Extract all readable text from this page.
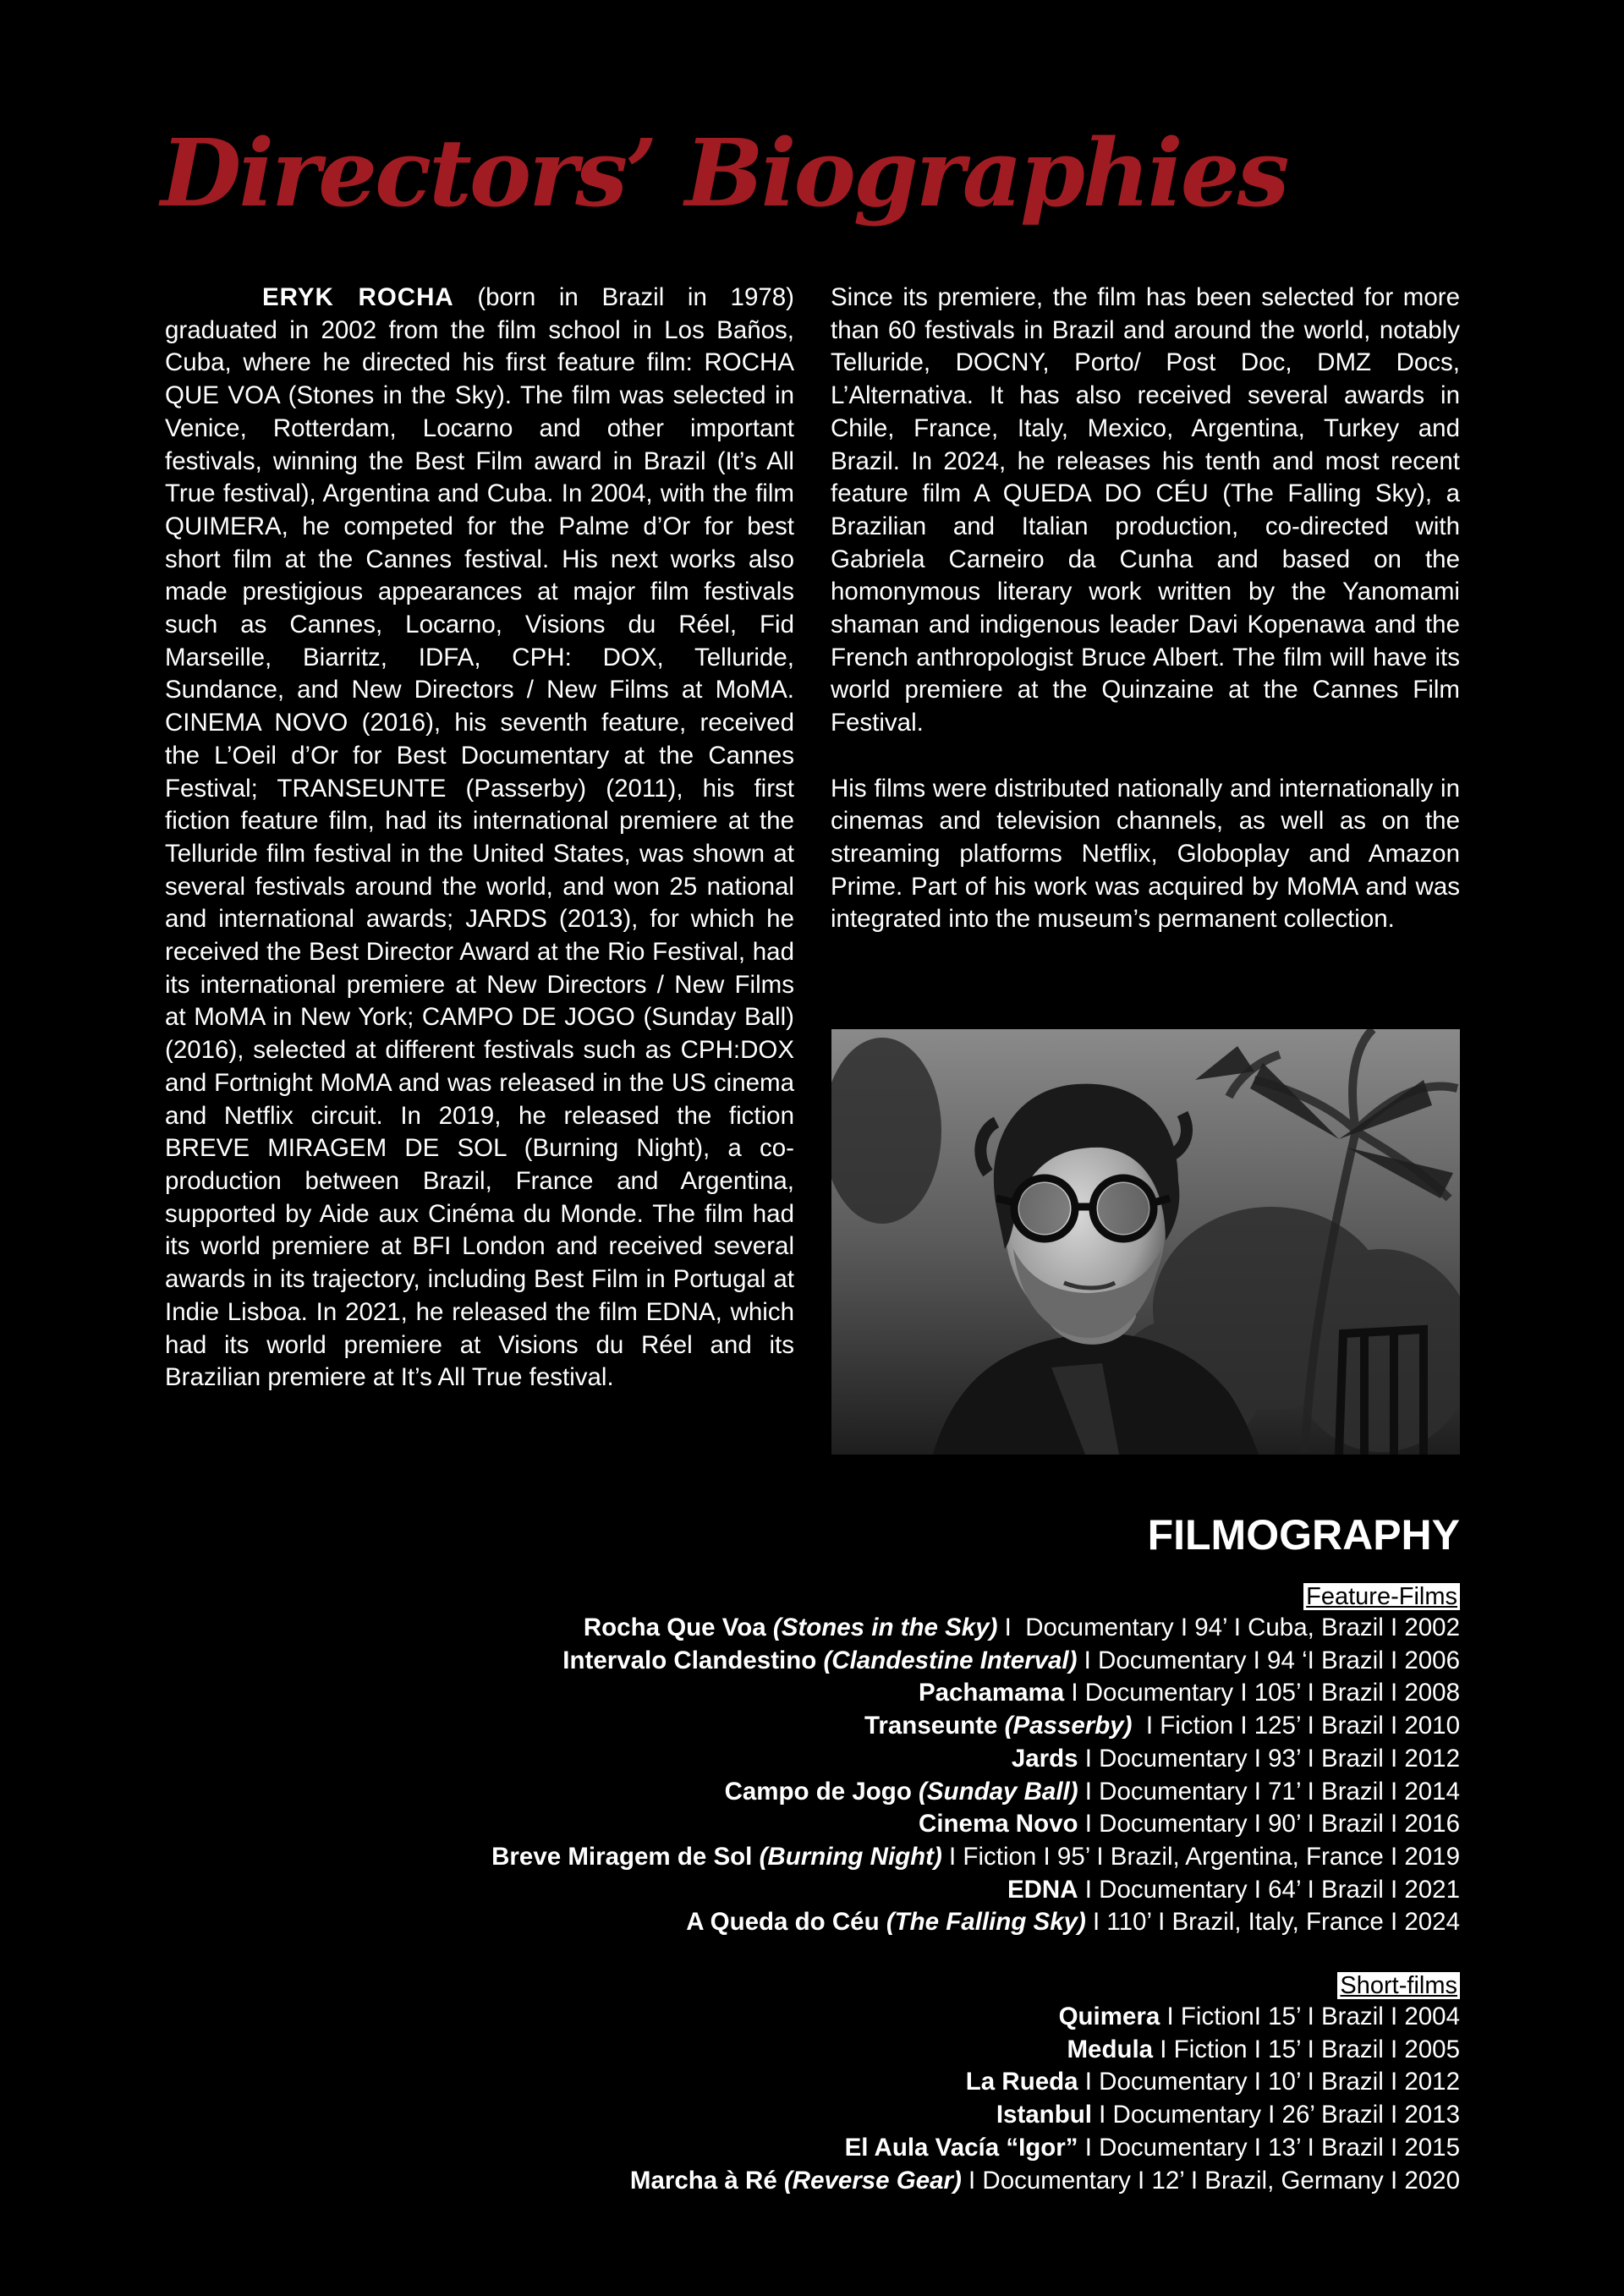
Directors’ Biographies

ERYK ROCHA (born in Brazil in 1978) graduated in 2002 from the film school in Los Baños, Cuba, where he directed his first feature film: ROCHA QUE VOA (Stones in the Sky). The film was selected in Venice, Rotterdam, Locarno and other important festivals, winning the Best Film award in Brazil (It’s All True festival), Argentina and Cuba. In 2004, with the film QUIMERA, he competed for the Palme d’Or for best short film at the Cannes festival. His next works also made prestigious appearances at major film festivals such as Cannes, Locarno, Visions du Réel, Fid Marseille, Biarritz, IDFA, CPH: DOX, Telluride, Sundance, and New Directors / New Films at MoMA. CINEMA NOVO (2016), his seventh feature, received the L’Oeil d’Or for Best Documentary at the Cannes Festival; TRANSEUNTE (Passerby) (2011), his first fiction feature film, had its international premiere at the Telluride film festival in the United States, was shown at several festivals around the world, and won 25 national and international awards; JARDS (2013), for which he received the Best Director Award at the Rio Festival, had its international premiere at New Directors / New Films at MoMA in New York; CAMPO DE JOGO (Sunday Ball) (2016), selected at different festivals such as CPH:DOX and Fortnight MoMA and was released in the US cinema and Netflix circuit. In 2019, he released the fiction BREVE MIRAGEM DE SOL (Burning Night), a co-production between Brazil, France and Argentina, supported by Aide aux Cinéma du Monde. The film had its world premiere at BFI London and received several awards in its trajectory, including Best Film in Portugal at Indie Lisboa. In 2021, he released the film EDNA, which had its world premiere at Visions du Réel and its Brazilian premiere at It’s All True festival.

Since its premiere, the film has been selected for more than 60 festivals in Brazil and around the world, notably Telluride, DOCNY, Porto/ Post Doc, DMZ Docs, L’Alternativa. It has also received several awards in Chile, France, Italy, Mexico, Argentina, Turkey and Brazil. In 2024, he releases his tenth and most recent feature film A QUEDA DO CÉU (The Falling Sky), a Brazilian and Italian production, co-directed with Gabriela Carneiro da Cunha and based on the homonymous literary work written by the Yanomami shaman and indigenous leader Davi Kopenawa and the French anthropologist Bruce Albert. The film will have its world premiere at the Quinzaine at the Cannes Film Festival.

His films were distributed nationally and internationally in cinemas and television channels, as well as on the streaming platforms Netflix, Globoplay and Amazon Prime. Part of his work was acquired by MoMA and was integrated into the museum’s permanent collection.

FILMOGRAPHY
Feature-Films
Rocha Que Voa (Stones in the Sky) I  Documentary I 94’ I Cuba, Brazil I 2002
Intervalo Clandestino (Clandestine Interval) I Documentary I 94 ‘I Brazil I 2006
Pachamama I Documentary I 105’ I Brazil I 2008
Transeunte (Passerby)  I Fiction I 125’ I Brazil I 2010
Jards I Documentary I 93’ I Brazil I 2012
Campo de Jogo (Sunday Ball) I Documentary I 71’ I Brazil I 2014
Cinema Novo I Documentary I 90’ I Brazil I 2016
Breve Miragem de Sol (Burning Night) I Fiction I 95’ I Brazil, Argentina, France I 2019
EDNA I Documentary I 64’ I Brazil I 2021
A Queda do Céu (The Falling Sky) I 110’ I Brazil, Italy, France I 2024
Short-films
Quimera I FictionI 15’ I Brazil I 2004
Medula I Fiction I 15’ I Brazil I 2005
La Rueda I Documentary I 10’ I Brazil I 2012
Istanbul I Documentary I 26’ Brazil I 2013
El Aula Vacía “Igor” I Documentary I 13’ I Brazil I 2015
Marcha à Ré (Reverse Gear) I Documentary I 12’ I Brazil, Germany I 2020
